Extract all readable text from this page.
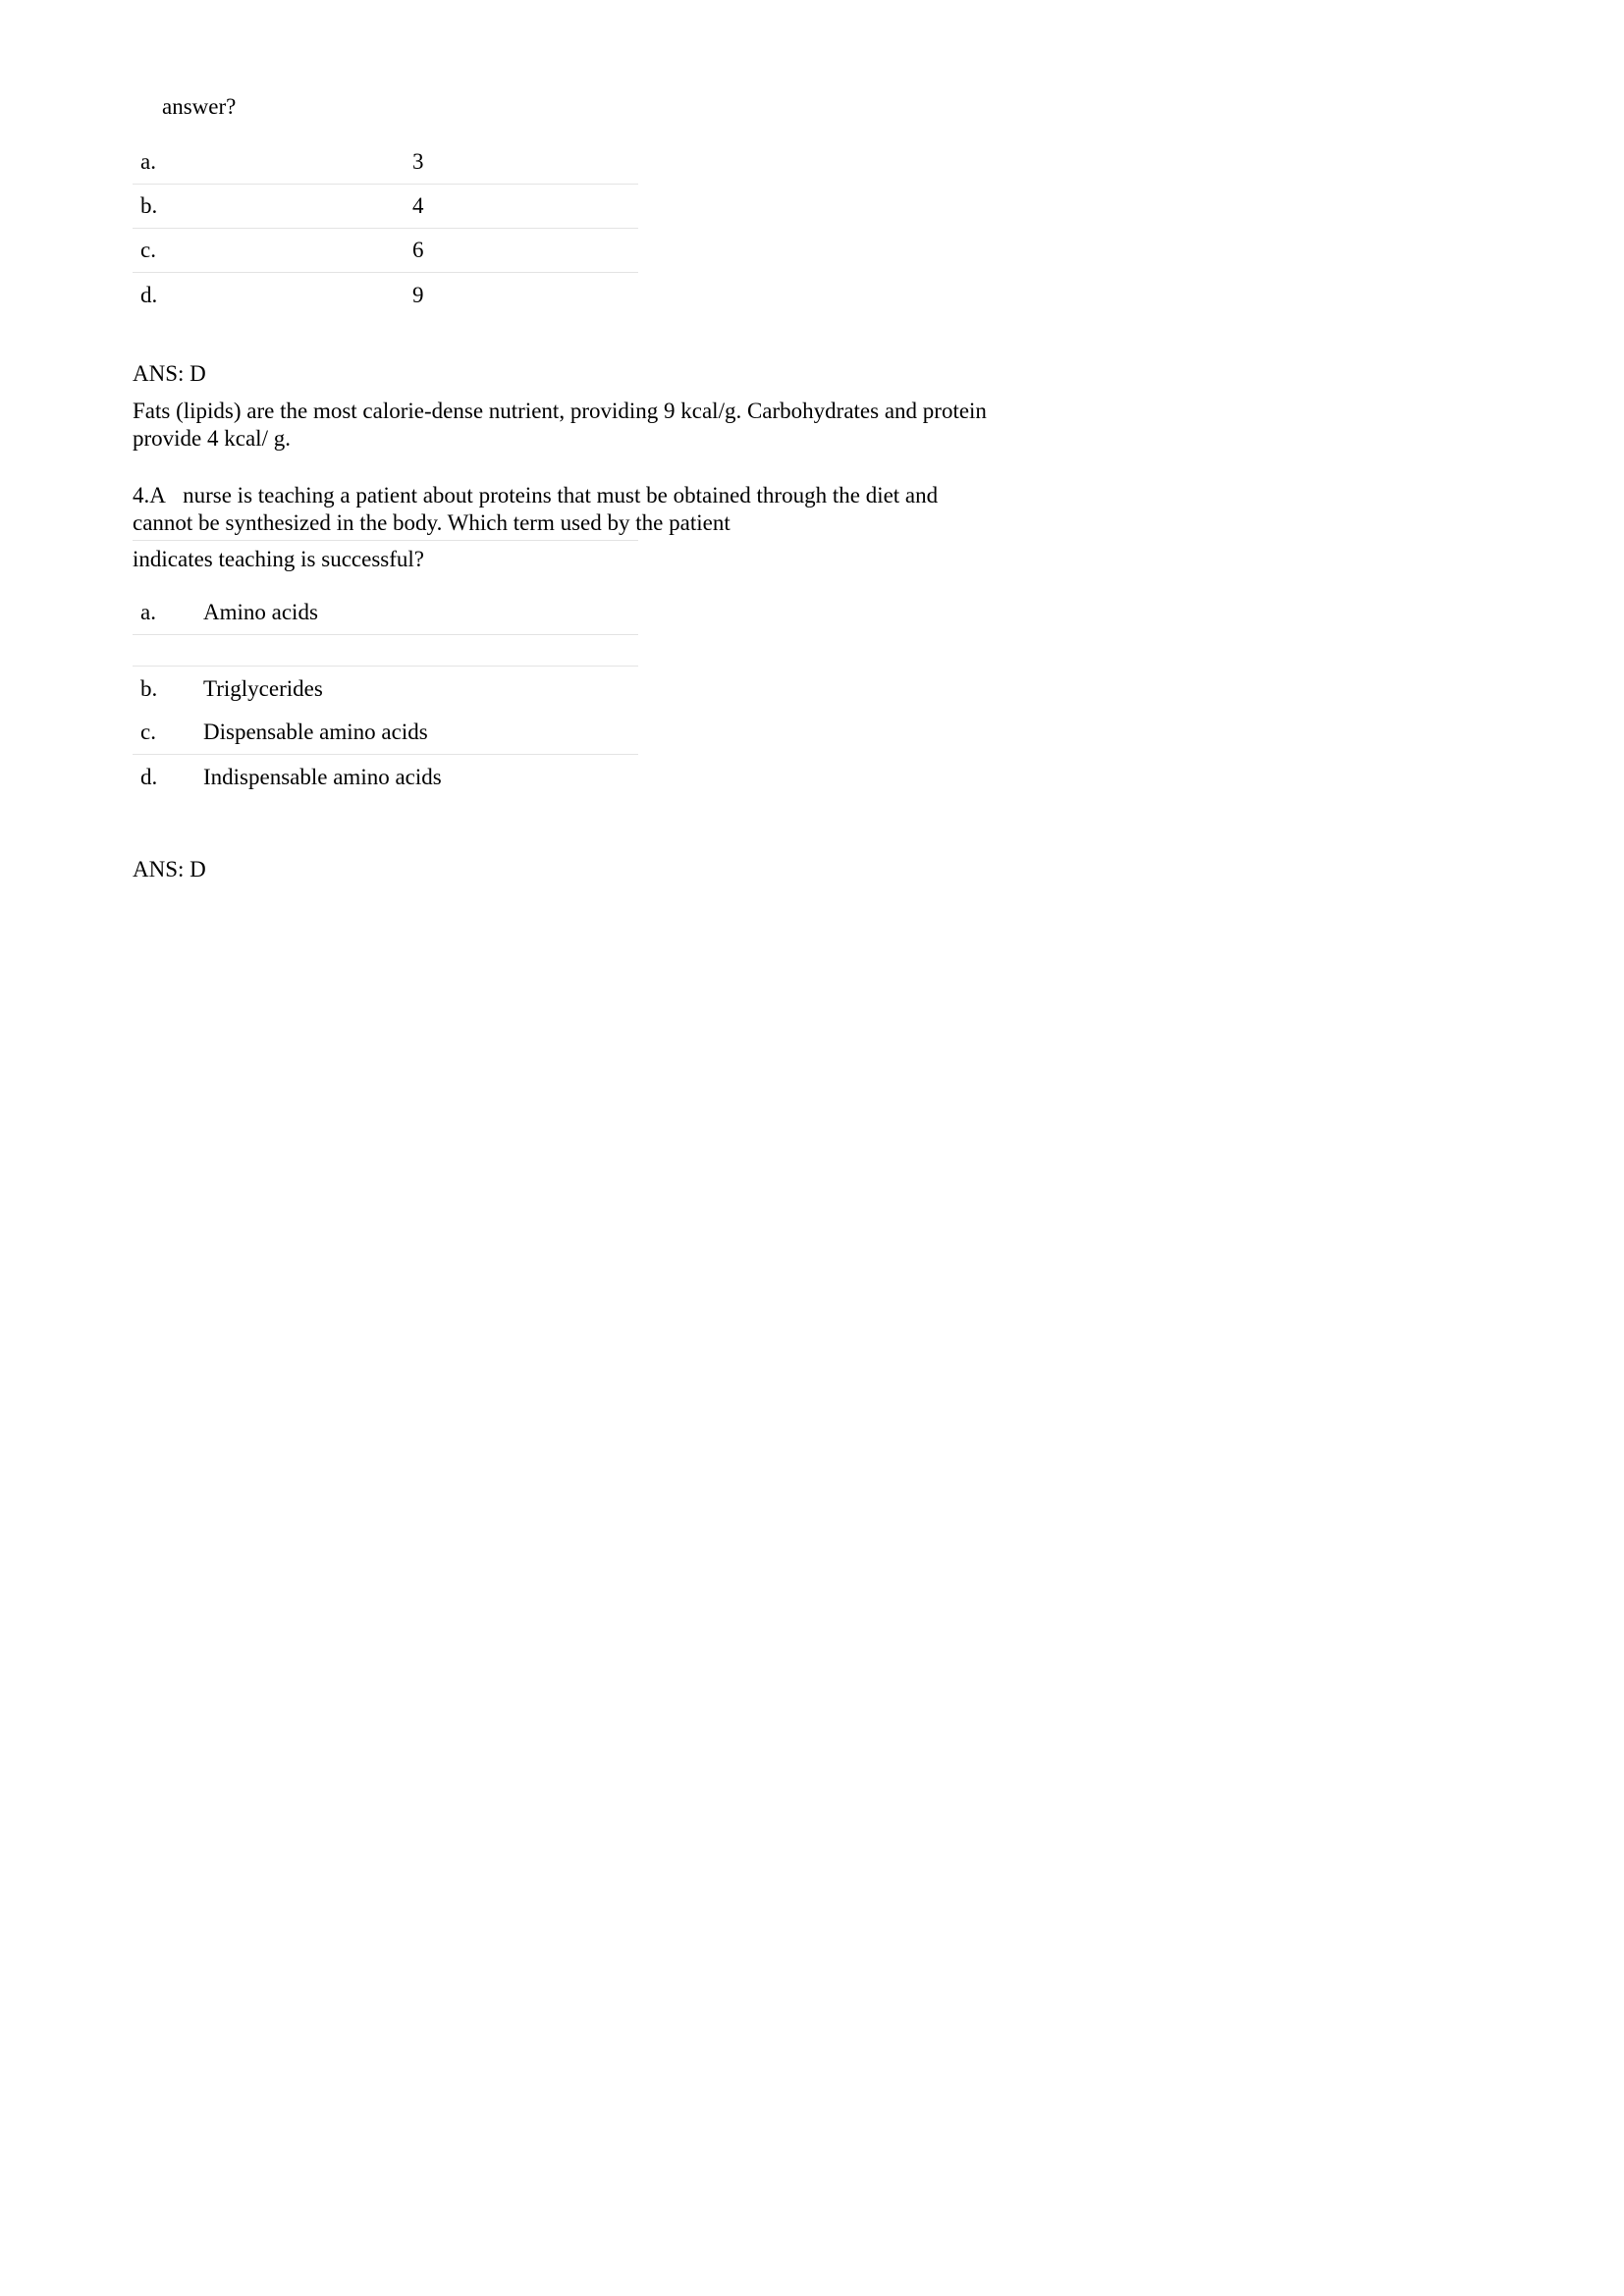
answer?
a.	3
b.	4
c.	6
d.	9
ANS: D
Fats (lipids) are the most calorie-dense nutrient, providing 9 kcal/g. Carbohydrates and protein provide 4 kcal/ g.

4.A   nurse is teaching a patient about proteins that must be obtained through the diet and cannot be synthesized in the body. Which term used by the patient

indicates teaching is successful?

a.	Amino acids
b.	Triglycerides
c.	Dispensable amino acids
d.	Indispensable amino acids
ANS: D
